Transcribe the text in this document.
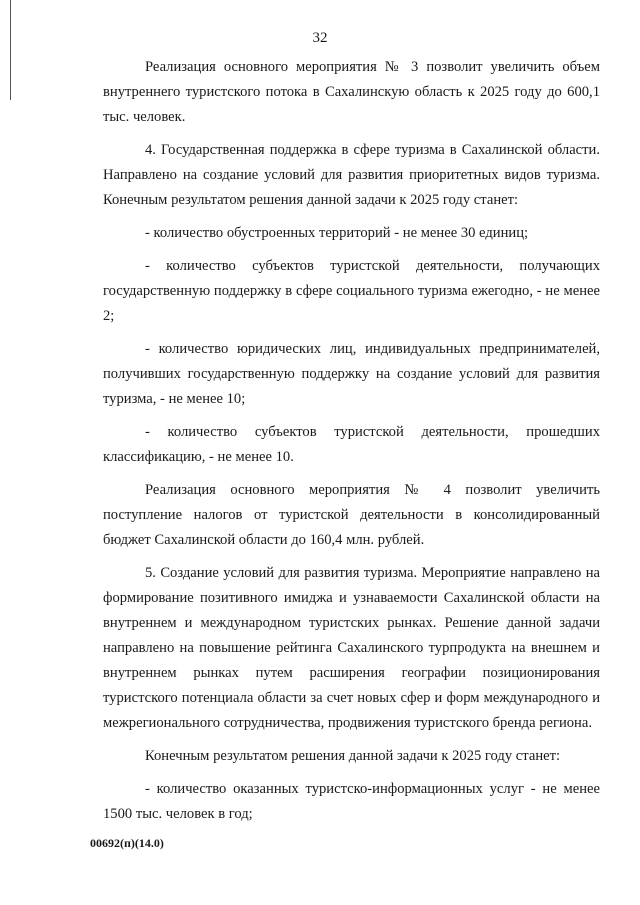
32

Реализация основного мероприятия № 3 позволит увеличить объем внутреннего туристского потока в Сахалинскую область к 2025 году до 600,1 тыс. человек.

4. Государственная поддержка в сфере туризма в Сахалинской области. Направлено на создание условий для развития приоритетных видов туризма. Конечным результатом решения данной задачи к 2025 году станет:

- количество обустроенных территорий - не менее 30 единиц;

- количество субъектов туристской деятельности, получающих государственную поддержку в сфере социального туризма ежегодно, - не менее 2;

- количество юридических лиц, индивидуальных предпринимателей, получивших государственную поддержку на создание условий для развития туризма, - не менее 10;

- количество субъектов туристской деятельности, прошедших классификацию, - не менее 10.

Реализация основного мероприятия № 4 позволит увеличить поступление налогов от туристской деятельности в консолидированный бюджет Сахалинской области до 160,4 млн. рублей.

5. Создание условий для развития туризма. Мероприятие направлено на формирование позитивного имиджа и узнаваемости Сахалинской области на внутреннем и международном туристских рынках. Решение данной задачи направлено на повышение рейтинга Сахалинского турпродукта на внешнем и внутреннем рынках путем расширения географии позиционирования туристского потенциала области за счет новых сфер и форм международного и межрегионального сотрудничества, продвижения туристского бренда региона.

Конечным результатом решения данной задачи к 2025 году станет:

- количество оказанных туристско-информационных услуг - не менее 1500 тыс. человек в год;

00692(п)(14.0)
